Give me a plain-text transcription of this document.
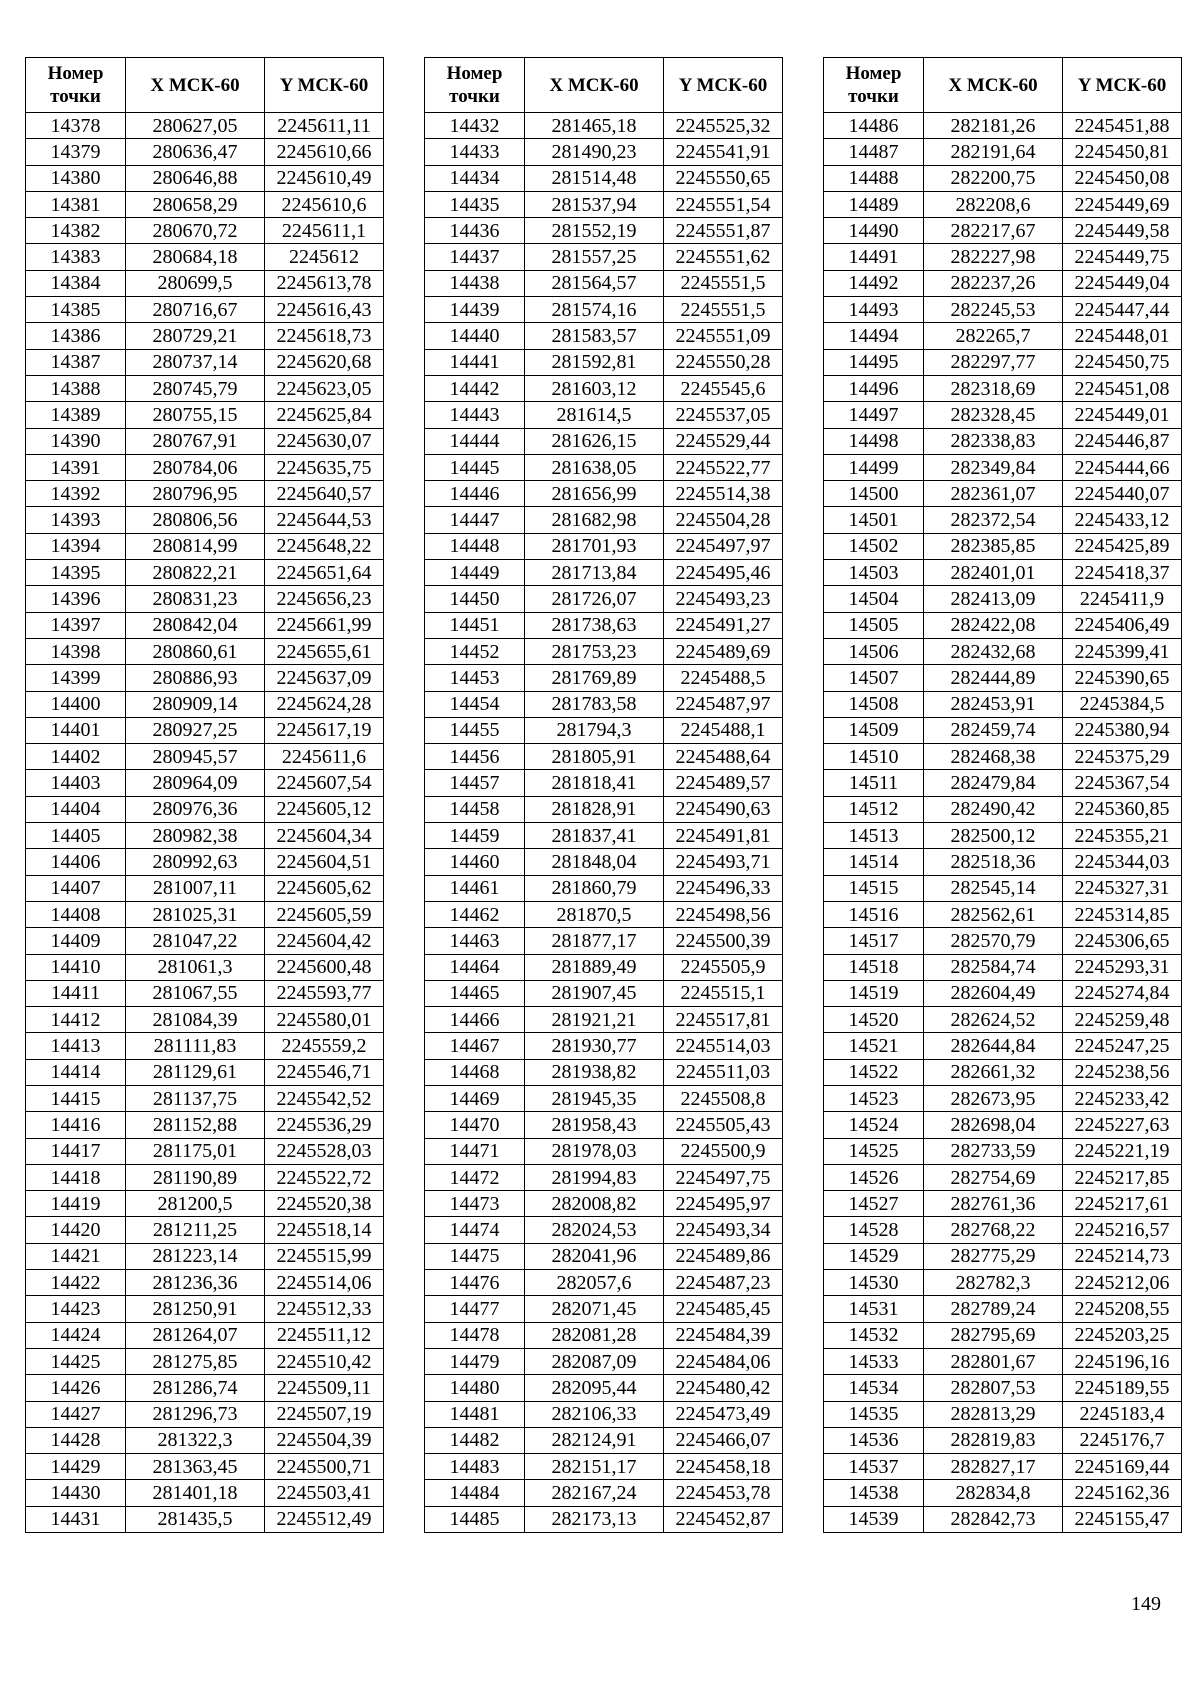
Номер точки	X МСК-60	Y МСК-60
14378	280627,05	2245611,11
14379	280636,47	2245610,66
14380	280646,88	2245610,49
14381	280658,29	2245610,6
14382	280670,72	2245611,1
14383	280684,18	2245612
14384	280699,5	2245613,78
14385	280716,67	2245616,43
14386	280729,21	2245618,73
14387	280737,14	2245620,68
14388	280745,79	2245623,05
14389	280755,15	2245625,84
14390	280767,91	2245630,07
14391	280784,06	2245635,75
14392	280796,95	2245640,57
14393	280806,56	2245644,53
14394	280814,99	2245648,22
14395	280822,21	2245651,64
14396	280831,23	2245656,23
14397	280842,04	2245661,99
14398	280860,61	2245655,61
14399	280886,93	2245637,09
14400	280909,14	2245624,28
14401	280927,25	2245617,19
14402	280945,57	2245611,6
14403	280964,09	2245607,54
14404	280976,36	2245605,12
14405	280982,38	2245604,34
14406	280992,63	2245604,51
14407	281007,11	2245605,62
14408	281025,31	2245605,59
14409	281047,22	2245604,42
14410	281061,3	2245600,48
14411	281067,55	2245593,77
14412	281084,39	2245580,01
14413	281111,83	2245559,2
14414	281129,61	2245546,71
14415	281137,75	2245542,52
14416	281152,88	2245536,29
14417	281175,01	2245528,03
14418	281190,89	2245522,72
14419	281200,5	2245520,38
14420	281211,25	2245518,14
14421	281223,14	2245515,99
14422	281236,36	2245514,06
14423	281250,91	2245512,33
14424	281264,07	2245511,12
14425	281275,85	2245510,42
14426	281286,74	2245509,11
14427	281296,73	2245507,19
14428	281322,3	2245504,39
14429	281363,45	2245500,71
14430	281401,18	2245503,41
14431	281435,5	2245512,49
Номер точки	X МСК-60	Y МСК-60
14432	281465,18	2245525,32
14433	281490,23	2245541,91
14434	281514,48	2245550,65
14435	281537,94	2245551,54
14436	281552,19	2245551,87
14437	281557,25	2245551,62
14438	281564,57	2245551,5
14439	281574,16	2245551,5
14440	281583,57	2245551,09
14441	281592,81	2245550,28
14442	281603,12	2245545,6
14443	281614,5	2245537,05
14444	281626,15	2245529,44
14445	281638,05	2245522,77
14446	281656,99	2245514,38
14447	281682,98	2245504,28
14448	281701,93	2245497,97
14449	281713,84	2245495,46
14450	281726,07	2245493,23
14451	281738,63	2245491,27
14452	281753,23	2245489,69
14453	281769,89	2245488,5
14454	281783,58	2245487,97
14455	281794,3	2245488,1
14456	281805,91	2245488,64
14457	281818,41	2245489,57
14458	281828,91	2245490,63
14459	281837,41	2245491,81
14460	281848,04	2245493,71
14461	281860,79	2245496,33
14462	281870,5	2245498,56
14463	281877,17	2245500,39
14464	281889,49	2245505,9
14465	281907,45	2245515,1
14466	281921,21	2245517,81
14467	281930,77	2245514,03
14468	281938,82	2245511,03
14469	281945,35	2245508,8
14470	281958,43	2245505,43
14471	281978,03	2245500,9
14472	281994,83	2245497,75
14473	282008,82	2245495,97
14474	282024,53	2245493,34
14475	282041,96	2245489,86
14476	282057,6	2245487,23
14477	282071,45	2245485,45
14478	282081,28	2245484,39
14479	282087,09	2245484,06
14480	282095,44	2245480,42
14481	282106,33	2245473,49
14482	282124,91	2245466,07
14483	282151,17	2245458,18
14484	282167,24	2245453,78
14485	282173,13	2245452,87
Номер точки	X МСК-60	Y МСК-60
14486	282181,26	2245451,88
14487	282191,64	2245450,81
14488	282200,75	2245450,08
14489	282208,6	2245449,69
14490	282217,67	2245449,58
14491	282227,98	2245449,75
14492	282237,26	2245449,04
14493	282245,53	2245447,44
14494	282265,7	2245448,01
14495	282297,77	2245450,75
14496	282318,69	2245451,08
14497	282328,45	2245449,01
14498	282338,83	2245446,87
14499	282349,84	2245444,66
14500	282361,07	2245440,07
14501	282372,54	2245433,12
14502	282385,85	2245425,89
14503	282401,01	2245418,37
14504	282413,09	2245411,9
14505	282422,08	2245406,49
14506	282432,68	2245399,41
14507	282444,89	2245390,65
14508	282453,91	2245384,5
14509	282459,74	2245380,94
14510	282468,38	2245375,29
14511	282479,84	2245367,54
14512	282490,42	2245360,85
14513	282500,12	2245355,21
14514	282518,36	2245344,03
14515	282545,14	2245327,31
14516	282562,61	2245314,85
14517	282570,79	2245306,65
14518	282584,74	2245293,31
14519	282604,49	2245274,84
14520	282624,52	2245259,48
14521	282644,84	2245247,25
14522	282661,32	2245238,56
14523	282673,95	2245233,42
14524	282698,04	2245227,63
14525	282733,59	2245221,19
14526	282754,69	2245217,85
14527	282761,36	2245217,61
14528	282768,22	2245216,57
14529	282775,29	2245214,73
14530	282782,3	2245212,06
14531	282789,24	2245208,55
14532	282795,69	2245203,25
14533	282801,67	2245196,16
14534	282807,53	2245189,55
14535	282813,29	2245183,4
14536	282819,83	2245176,7
14537	282827,17	2245169,44
14538	282834,8	2245162,36
14539	282842,73	2245155,47
149
